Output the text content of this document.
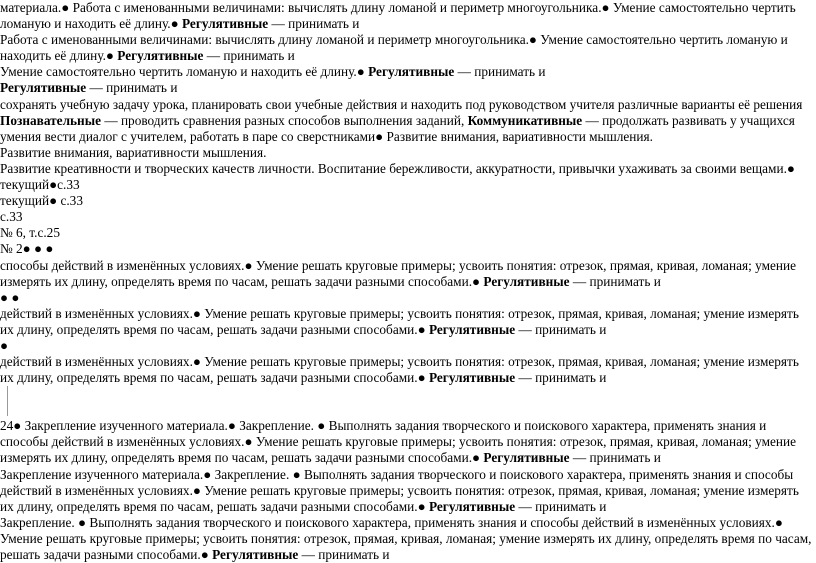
материала.● Работа с именованными величинами: вычислять длину ломаной и периметр многоугольника.● Умение самостоятельно чертить ломаную и находить её длину.● Регулятивные — принимать и

Работа с именованными величинами: вычислять длину ломаной и периметр многоугольника.● Умение самостоятельно чертить ломаную и находить её длину.● Регулятивные — принимать и

Умение самостоятельно чертить ломаную и находить её длину.● Регулятивные — принимать и

Регулятивные — принимать и

сохранять учебную задачу урока, планировать свои учебные действия и находить под руководством учителя различные варианты её решения

Познавательные — проводить сравнения разных способов выполнения заданий, Коммуникативные — продолжать развивать у учащихся умения вести диалог с учителем, работать в паре со сверстниками● Развитие внимания, вариативности мышления.

Развитие внимания, вариативности мышления.

Развитие креативности и творческих качеств личности. Воспитание бережливости, аккуратности, привычки ухаживать за своими вещами.● текущий●с.33

текущий● с.33

с.33

№ 6, т.с.25

№ 2● ● ●

способы действий в изменённых условиях.● Умение решать круговые примеры; усвоить понятия: отрезок, прямая, кривая, ломаная; умение измерять их длину, определять время по часам, решать задачи разными способами.● Регулятивные — принимать и

● ●

действий в изменённых условиях.● Умение решать круговые примеры; усвоить понятия: отрезок, прямая, кривая, ломаная; умение измерять их длину, определять время по часам, решать задачи разными способами.● Регулятивные — принимать и

●

действий в изменённых условиях.● Умение решать круговые примеры; усвоить понятия: отрезок, прямая, кривая, ломаная; умение измерять их длину, определять время по часам, решать задачи разными способами.● Регулятивные — принимать и

24● Закрепление изученного материала.● Закрепление. ● Выполнять задания творческого и поискового характера, применять знания и способы действий в изменённых условиях.● Умение решать круговые примеры; усвоить понятия: отрезок, прямая, кривая, ломаная; умение измерять их длину, определять время по часам, решать задачи разными способами.● Регулятивные — принимать и

Закрепление изученного материала.● Закрепление. ● Выполнять задания творческого и поискового характера, применять знания и способы действий в изменённых условиях.● Умение решать круговые примеры; усвоить понятия: отрезок, прямая, кривая, ломаная; умение измерять их длину, определять время по часам, решать задачи разными способами.● Регулятивные — принимать и

Закрепление. ● Выполнять задания творческого и поискового характера, применять знания и способы действий в изменённых условиях.● Умение решать круговые примеры; усвоить понятия: отрезок, прямая, кривая, ломаная; умение измерять их длину, определять время по часам, решать задачи разными способами.● Регулятивные — принимать и
